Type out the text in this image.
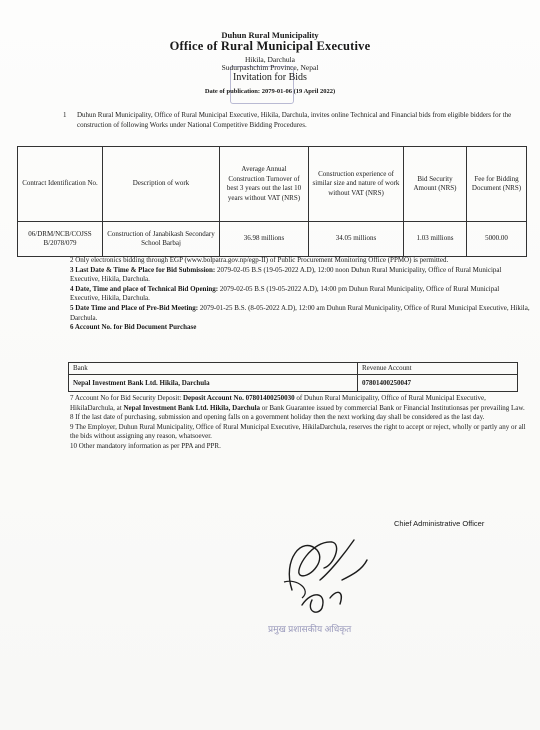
Duhun Rural Municipality
Office of Rural Municipal Executive
Hikila, Darchula
Sudurpashchim Province, Nepal
Invitation for Bids
Date of publication: 2079-01-06 (19 April 2022)
1 Duhun Rural Municipality, Office of Rural Municipal Executive, Hikila, Darchula, invites online Technical and Financial bids from eligible bidders for the construction of following Works under National Competitive Bidding Procedures.
Contract Identification No.	Description of work	Average Annual Construction Turnover of best 3 years out the last 10 years without VAT (NRS)	Construction experience of similar size and nature of work without VAT (NRS)	Bid Security Amount (NRS)	Fee for Bidding Document (NRS)
06/DRM/NCB/COJSS B/2078/079	Construction of Janabikash Secondary School Barbaj	36.98 millions	34.05 millions	1.03 millions	5000.00

2 Only electronics bidding through EGP (www.bolpatra.gov.np/egp-II) of Public Procurement Monitoring Office (PPMO) is permitted.

3 Last Date & Time & Place for Bid Submission: 2079-02-05 B.S (19-05-2022 A.D), 12:00 noon Duhun Rural Municipality, Office of Rural Municipal Executive, Hikila, Darchula.

4 Date, Time and place of Technical Bid Opening: 2079-02-05 B.S (19-05-2022 A.D), 14:00 pm Duhun Rural Municipality, Office of Rural Municipal Executive, Hikila, Darchula.

5 Date Time and Place of Pre-Bid Meeting: 2079-01-25 B.S. (8-05-2022 A.D), 12:00 am Duhun Rural Municipality, Office of Rural Municipal Executive, Hikila, Darchula.

6 Account No. for Bid Document Purchase

Bank	Revenue Account
Nepal Investment Bank Ltd. Hikila, Darchula	07801400250047

7 Account No for Bid Security Deposit: Deposit Account No. 07801400250030 of Duhun Rural Municipality, Office of Rural Municipal Executive, HikilaDarchula, at Nepal Investment Bank Ltd. Hikila, Darchula or Bank Guarantee issued by commercial Bank or Financial Institutionsas per prevailing Law.

8 If the last date of purchasing, submission and opening falls on a government holiday then the next working day shall be considered as the last day.

9 The Employer, Duhun Rural Municipality, Office of Rural Municipal Executive, HikilaDarchula, reserves the right to accept or reject, wholly or partly any or all the bids without assigning any reason, whatsoever.

10 Other mandatory information as per PPA and PPR.

Chief Administrative Officer
प्रमुख प्रशासकीय अधिकृत
